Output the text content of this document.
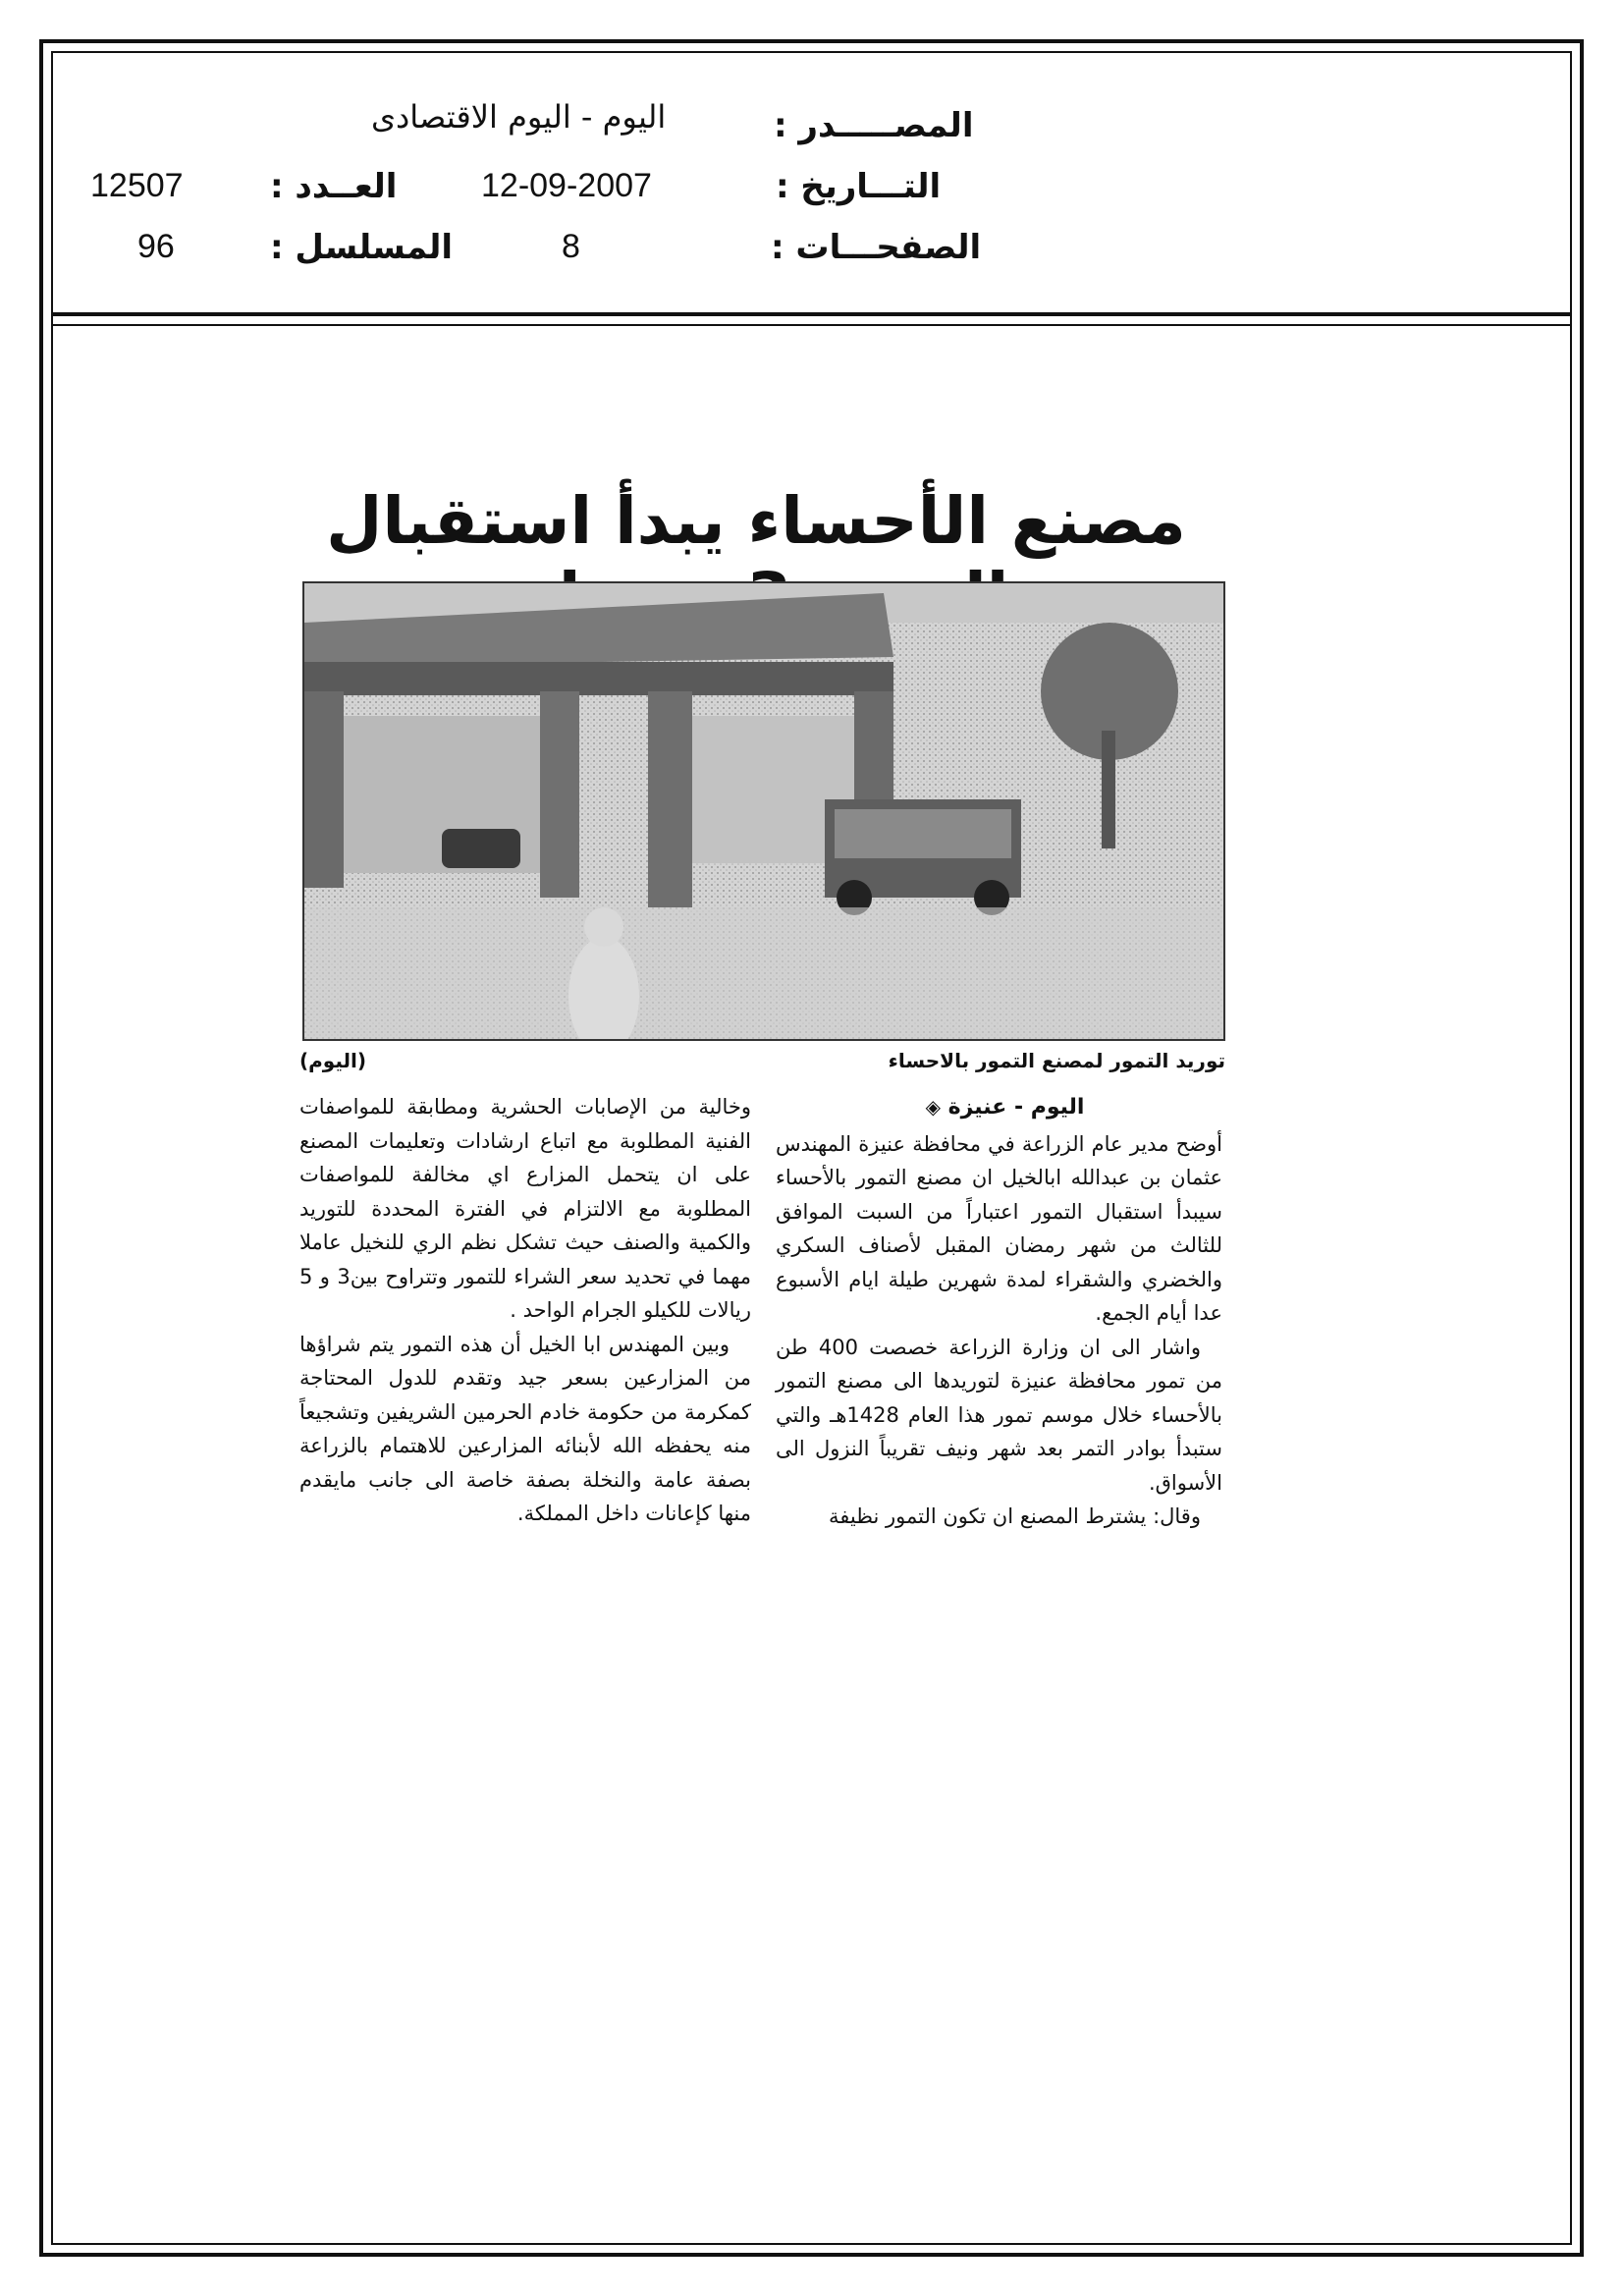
المصـــــدر :
اليوم - اليوم الاقتصادى
التـــاريخ :
12-09-2007
الصفحـــات :
8
العــدد :
12507
المسلسل :
96
مصنع الأحساء يبدأ استقبال
توريد التمور لمصنع التمور بالاحساء
(اليوم)

اليوم - عنيزة ◈

أوضح مدير عام الزراعة في محافظة عنيزة المهندس عثمان بن عبدالله ابالخيل ان مصنع التمور بالأحساء سيبدأ استقبال التمور اعتباراً من السبت الموافق للثالث من شهر رمضان المقبل لأصناف السكري والخضري والشقراء لمدة شهرين طيلة ايام الأسبوع عدا أيام الجمع.

واشار الى ان وزارة الزراعة خصصت 400 طن من تمور محافظة عنيزة لتوريدها الى مصنع التمور بالأحساء خلال موسم تمور هذا العام 1428هـ والتي ستبدأ بوادر التمر بعد شهر ونيف تقريباً النزول الى الأسواق.

وقال: يشترط المصنع ان تكون التمور نظيفة

وخالية من الإصابات الحشرية ومطابقة للمواصفات الفنية المطلوبة مع اتباع ارشادات وتعليمات المصنع على ان يتحمل المزارع اي مخالفة للمواصفات المطلوبة مع الالتزام في الفترة المحددة للتوريد والكمية والصنف حيث تشكل نظم الري للنخيل عاملا مهما في تحديد سعر الشراء للتمور وتتراوح بين3 و 5 ريالات للكيلو الجرام الواحد .

وبين المهندس ابا الخيل أن هذه التمور يتم شراؤها من المزارعين بسعر جيد وتقدم للدول المحتاجة كمكرمة من حكومة خادم الحرمين الشريفين وتشجيعاً منه يحفظه الله لأبنائه المزارعين للاهتمام بالزراعة بصفة عامة والنخلة بصفة خاصة الى جانب مايقدم منها كإعانات داخل المملكة.
